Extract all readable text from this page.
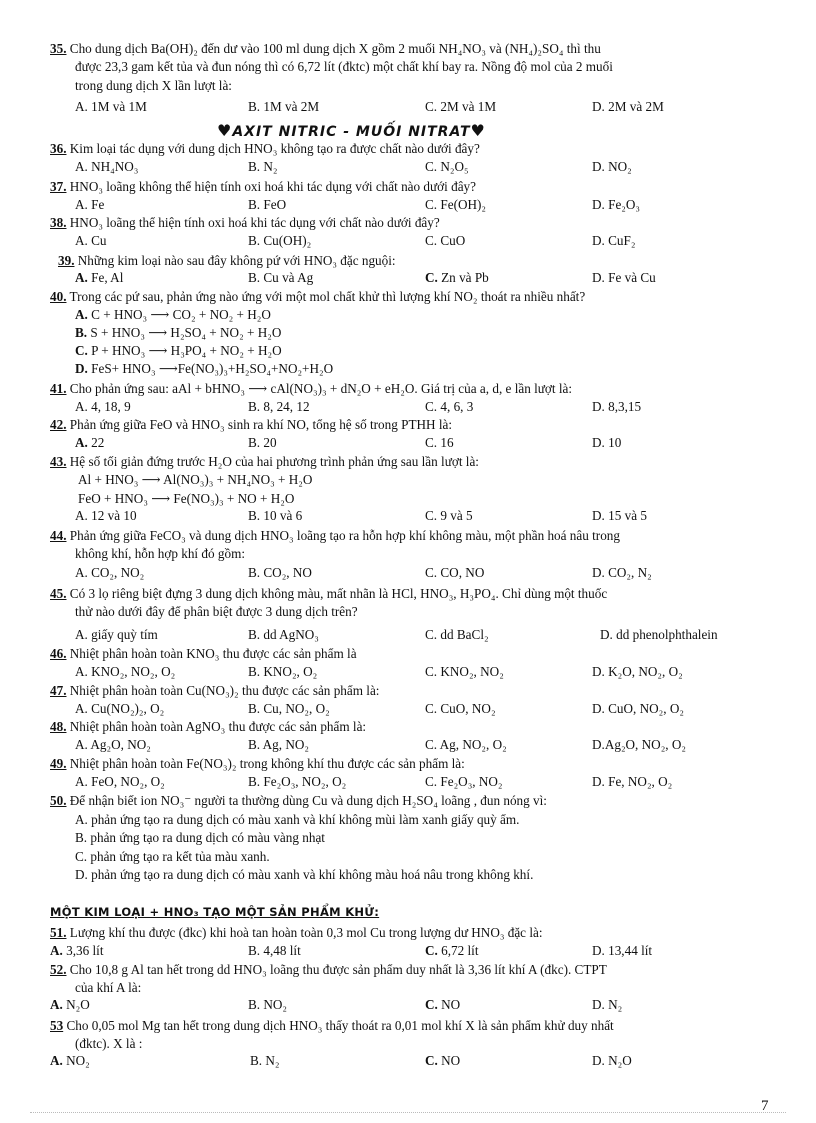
35. Cho dung dịch Ba(OH)₂ đến dư vào 100 ml dung dịch X gồm 2 muối NH₄NO₃ và (NH₄)₂SO₄ thì thu
được 23,3 gam kết tủa và đun nóng thì có 6,72 lít (đktc) một chất khí bay ra. Nồng độ mol của 2 muối
trong dung dịch X lần lượt là:
A. 1M và 1M	B. 1M và 2M	C. 2M và 1M	D. 2M và 2M
36. Kim loại tác dụng với dung dịch HNO₃ không tạo ra được chất nào dưới đây?
A. NH₄NO₃	B. N₂	C. N₂O₅	D. NO₂
37. HNO₃ loãng không thể hiện tính oxi hoá khi tác dụng với chất nào dưới đây?
A. Fe	B. FeO	C. Fe(OH)₂	D. Fe₂O₃
38. HNO₃ loãng thể hiện tính oxi hoá khi tác dụng với chất nào dưới đây?
A. Cu	B. Cu(OH)₂	C. CuO	D. CuF₂
39. Những kim loại nào sau đây không pứ với HNO₃ đặc nguội:
A. Fe, Al	B. Cu và Ag	C. Zn và Pb	D. Fe và Cu
40. Trong các pứ sau, phản ứng nào ứng với một mol chất khử thì lượng khí NO₂ thoát ra nhiều nhất?
A. C + HNO₃ ⟶ CO₂ + NO₂ + H₂O
B. S + HNO₃ ⟶ H₂SO₄ + NO₂ + H₂O
C. P + HNO₃ ⟶ H₃PO₄ + NO₂ + H₂O
D. FeS+ HNO₃ ⟶Fe(NO₃)₃+H₂SO₄+NO₂+H₂O
41. Cho phản ứng sau: aAl + bHNO₃ ⟶ cAl(NO₃)₃ + dN₂O + eH₂O. Giá trị của a, d, e lần lượt là:
A. 4, 18, 9	B. 8, 24, 12	C. 4, 6, 3	D. 8,3,15
42. Phản ứng giữa FeO và HNO₃ sinh ra khí NO, tổng hệ số trong PTHH là:
A. 22	B. 20	C. 16	D. 10
43. Hệ số tối giản đứng trước H₂O của hai phương trình phản ứng sau lần lượt là:
Al + HNO₃ ⟶ Al(NO₃)₃ + NH₄NO₃ + H₂O
FeO + HNO₃ ⟶ Fe(NO₃)₃ + NO + H₂O
A. 12 và 10	B. 10 và 6	C. 9 và 5	D. 15 và 5
44. Phản ứng giữa FeCO₃ và dung dịch HNO₃ loãng tạo ra hỗn hợp khí không màu, một phần hoá nâu trong
không khí, hỗn hợp khí đó gồm:
A. CO₂, NO₂	B. CO₂, NO	C. CO, NO	D. CO₂, N₂
45. Có 3 lọ riêng biệt đựng 3 dung dịch không màu, mất nhãn là HCl, HNO₃, H₃PO₄. Chỉ dùng một thuốc
thử nào dưới đây để phân biệt được 3 dung dịch trên?
A. giấy quỳ tím	B. dd AgNO₃	C. dd BaCl₂	D. dd phenolphthalein
46. Nhiệt phân hoàn toàn KNO₃ thu được các sản phẩm là
A. KNO₂, NO₂, O₂	B. KNO₂, O₂	C. KNO₂, NO₂	D. K₂O, NO₂, O₂
47. Nhiệt phân hoàn toàn Cu(NO₃)₂ thu được các sản phẩm là:
A. Cu(NO₂)₂, O₂	B. Cu, NO₂, O₂	C. CuO, NO₂	D. CuO, NO₂, O₂
48. Nhiệt phân hoàn toàn AgNO₃ thu được các sản phẩm là:
A. Ag₂O, NO₂	B. Ag, NO₂	C. Ag, NO₂, O₂	D.Ag₂O, NO₂, O₂
49. Nhiệt phân hoàn toàn Fe(NO₃)₂ trong không khí thu được các sản phẩm là:
A. FeO, NO₂, O₂	B. Fe₂O₃, NO₂, O₂	C. Fe₂O₃, NO₂	D. Fe, NO₂, O₂
50. Để nhận biết ion NO₃⁻ người ta thường dùng Cu và dung dịch H₂SO₄ loãng , đun nóng vì:
A. phản ứng tạo ra dung dịch có màu xanh và khí không mùi làm xanh giấy quỳ ẩm.
B. phản ứng tạo ra dung dịch có màu vàng nhạt
C. phản ứng tạo ra kết tủa màu xanh.
D. phản ứng tạo ra dung dịch có màu xanh và khí không màu hoá nâu trong không khí.
51. Lượng khí thu được (đkc) khi hoà tan hoàn toàn 0,3 mol Cu trong lượng dư HNO₃ đặc là:
A. 3,36 lít	B. 4,48 lít	C. 6,72 lít	D. 13,44 lít
52. Cho 10,8 g Al tan hết trong dd HNO₃ loãng thu được sản phẩm duy nhất là 3,36 lít khí A (đkc). CTPT
của khí A là:
A. N₂O	B. NO₂	C. NO	D. N₂
53 Cho 0,05 mol Mg tan hết trong dung dịch HNO₃ thấy thoát ra 0,01 mol khí X là sản phẩm khử duy nhất
(đktc). X là :
A. NO₂	B. N₂	C. NO	D. N₂O
♥AXIT NITRIC - MUỐI NITRAT♥
MỘT KIM LOẠI + HNO₃ TẠO MỘT SẢN PHẨM KHỬ:
7
